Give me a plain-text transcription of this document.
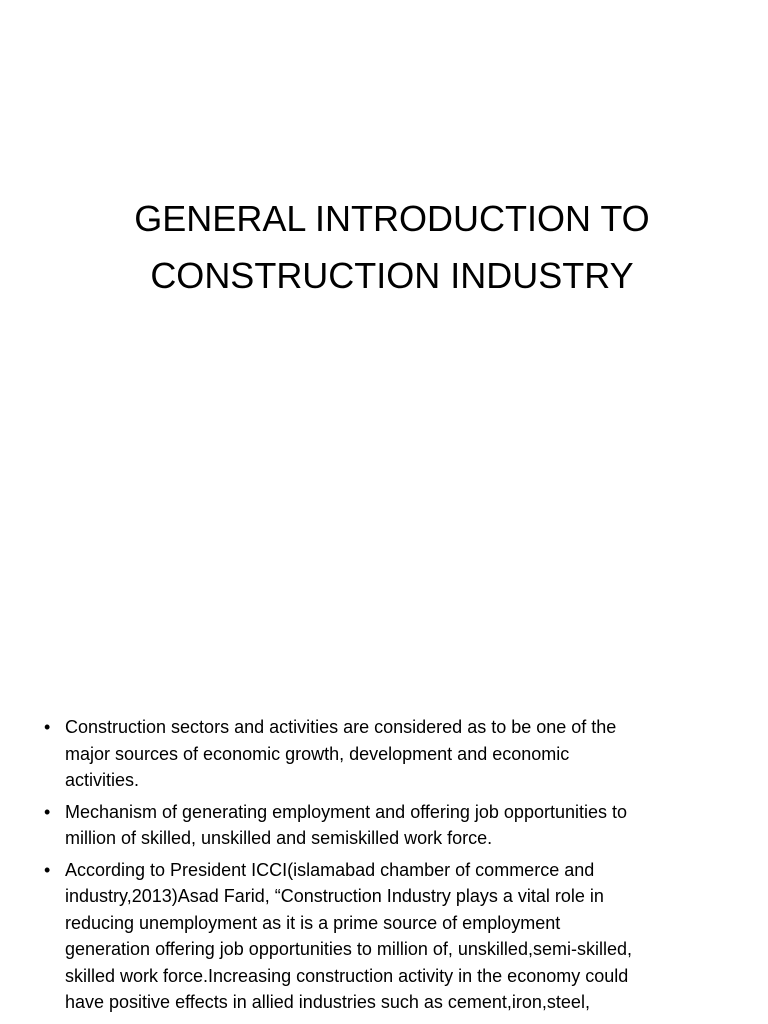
GENERAL INTRODUCTION TO
CONSTRUCTION INDUSTRY
• Construction sectors and activities are considered as to be one of the
major sources of economic growth, development and economic
activities.
• Mechanism of generating employment and offering job opportunities to
million of skilled, unskilled and semiskilled work force.
• According to President ICCI(islamabad chamber of commerce and
industry,2013)Asad Farid, “Construction Industry plays a vital role in
reducing unemployment as it is a prime source of employment
generation offering job opportunities to million of, unskilled,semi-skilled,
skilled work force.Increasing construction activity in the economy could
have positive effects in allied industries such as cement,iron,steel,
